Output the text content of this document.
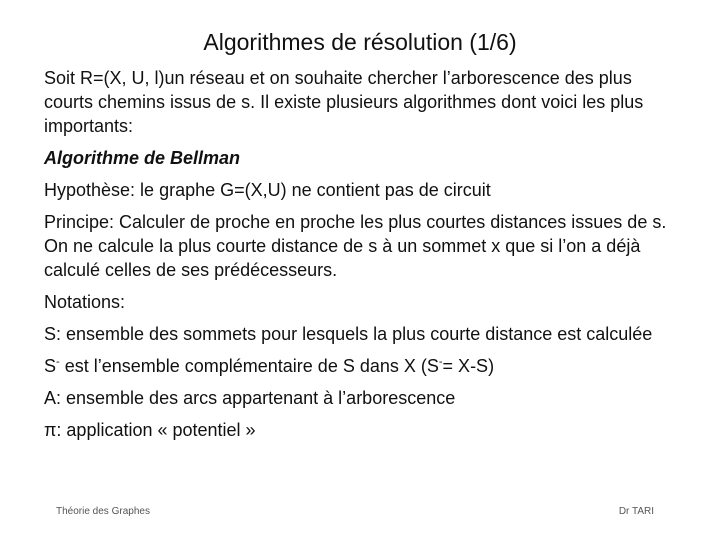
Algorithmes de résolution (1/6)

Soit R=(X, U, l)un réseau et on souhaite chercher l’arborescence des plus courts chemins issus de s. Il existe plusieurs algorithmes dont voici les plus importants:

Algorithme de Bellman

Hypothèse: le graphe G=(X,U) ne contient pas de circuit

Principe: Calculer de proche en proche les plus courtes distances issues de s. On ne calcule la plus courte distance de s à un sommet x que si l’on a déjà calculé celles de ses prédécesseurs.

Notations:

S: ensemble des sommets pour lesquels la plus courte distance est calculée

S- est l’ensemble complémentaire de S dans X (S-= X-S)

A: ensemble des arcs appartenant à l’arborescence

π: application « potentiel »

Théorie des Graphes	Dr TARI
